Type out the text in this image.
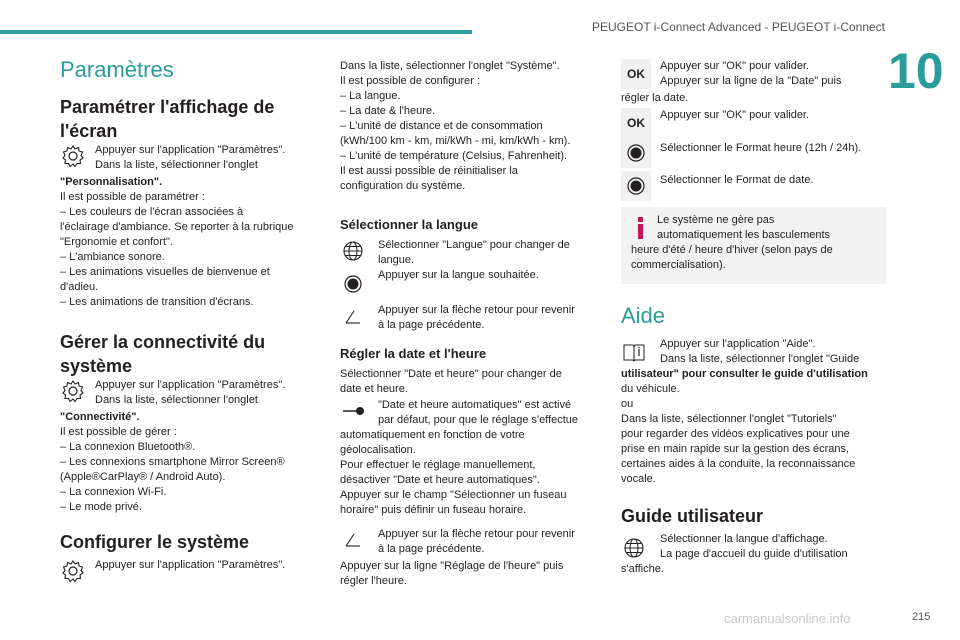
PEUGEOT i-Connect Advanced - PEUGEOT i-Connect
10
Paramètres
Paramétrer l'affichage de l'écran
Appuyer sur l'application "Paramètres".
Dans la liste, sélectionner l'onglet
"Personnalisation".
Il est possible de paramétrer :
– Les couleurs de l'écran associées à
l'éclairage d'ambiance. Se reporter à la rubrique
"Ergonomie et confort".
– L'ambiance sonore.
– Les animations visuelles de bienvenue et
d'adieu.
– Les animations de transition d'écrans.
Gérer la connectivité du système
Appuyer sur l'application "Paramètres".
Dans la liste, sélectionner l'onglet
"Connectivité".
Il est possible de gérer :
– La connexion Bluetooth®.
– Les connexions smartphone Mirror Screen®
(Apple®CarPlay® / Android Auto).
– La connexion Wi-Fi.
– Le mode privé.
Configurer le système
Appuyer sur l'application "Paramètres".
Dans la liste, sélectionner l'onglet "Système".
Il est possible de configurer :
– La langue.
– La date & l'heure.
– L'unité de distance et de consommation
(kWh/100 km - km, mi/kWh - mi, km/kWh - km).
– L'unité de température (Celsius, Fahrenheit).
Il est aussi possible de réinitialiser la
configuration du système.
Sélectionner la langue
Sélectionner "Langue" pour changer de
langue.
Appuyer sur la langue souhaitée.
Appuyer sur la flèche retour pour revenir
à la page précédente.
Régler la date et l'heure
Sélectionner "Date et heure" pour changer de
date et heure.
"Date et heure automatiques" est activé
par défaut, pour que le réglage s'effectue
automatiquement en fonction de votre
géolocalisation.
Pour effectuer le réglage manuellement,
désactiver "Date et heure automatiques".
Appuyer sur le champ "Sélectionner un fuseau
horaire" puis définir un fuseau horaire.
Appuyer sur la flèche retour pour revenir
à la page précédente.
Appuyer sur la ligne "Réglage de l'heure" puis
régler l'heure.
OK
Appuyer sur "OK" pour valider.
Appuyer sur la ligne de la "Date" puis
régler la date.
OK
Appuyer sur "OK" pour valider.
Sélectionner le Format heure (12h / 24h).
Sélectionner le Format de date.
Le système ne gère pas
automatiquement les basculements
heure d'été / heure d'hiver (selon pays de
commercialisation).
Aide
Appuyer sur l'application "Aide".
Dans la liste, sélectionner l'onglet "Guide
utilisateur" pour consulter le guide d'utilisation
du véhicule.
ou
Dans la liste, sélectionner l'onglet "Tutoriels"
pour regarder des vidéos explicatives pour une
prise en main rapide sur la gestion des écrans,
certaines aides à la conduite, la reconnaissance
vocale.
Guide utilisateur
Sélectionner la langue d'affichage.
La page d'accueil du guide d'utilisation
s'affiche.
carmanualsonline.info	215
